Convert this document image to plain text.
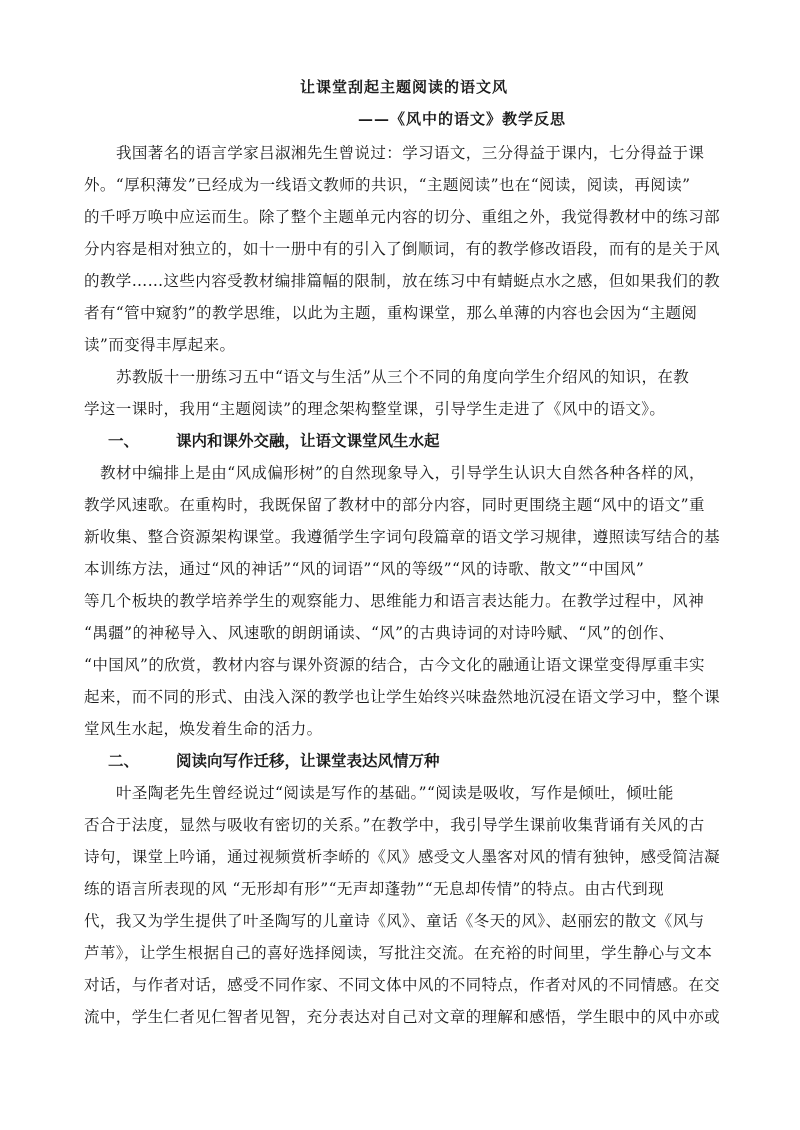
让课堂刮起主题阅读的语文风
——《风中的语文》教学反思
我国著名的语言学家吕淑湘先生曾说过：学习语文，三分得益于课内，七分得益于课
外。“厚积薄发”已经成为一线语文教师的共识，“主题阅读”也在“阅读，阅读，再阅读”
的千呼万唤中应运而生。除了整个主题单元内容的切分、重组之外，我觉得教材中的练习部
分内容是相对独立的，如十一册中有的引入了倒顺词，有的教学修改语段，而有的是关于风
的教学……这些内容受教材编排篇幅的限制，放在练习中有蜻蜓点水之感，但如果我们的教
者有“管中窥豹”的教学思维，以此为主题，重构课堂，那么单薄的内容也会因为“主题阅
读”而变得丰厚起来。
苏教版十一册练习五中“语文与生活”从三个不同的角度向学生介绍风的知识，在教
学这一课时，我用“主题阅读”的理念架构整堂课，引导学生走进了《风中的语文》。
一、 课内和课外交融，让语文课堂风生水起
教材中编排上是由“风成偏形树”的自然现象导入，引导学生认识大自然各种各样的风，
教学风速歌。在重构时，我既保留了教材中的部分内容，同时更围绕主题“风中的语文”重
新收集、整合资源架构课堂。我遵循学生字词句段篇章的语文学习规律，遵照读写结合的基
本训练方法，通过“风的神话”“风的词语”“风的等级”“风的诗歌、散文”“中国风”
等几个板块的教学培养学生的观察能力、思维能力和语言表达能力。在教学过程中，风神
“禺疆”的神秘导入、风速歌的朗朗诵读、“风”的古典诗词的对诗吟赋、“风”的创作、
“中国风”的欣赏，教材内容与课外资源的结合，古今文化的融通让语文课堂变得厚重丰实
起来，而不同的形式、由浅入深的教学也让学生始终兴味盎然地沉浸在语文学习中，整个课
堂风生水起，焕发着生命的活力。
二、 阅读向写作迁移，让课堂表达风情万种
叶圣陶老先生曾经说过“阅读是写作的基础。”“阅读是吸收，写作是倾吐，倾吐能
否合于法度，显然与吸收有密切的关系。”在教学中，我引导学生课前收集背诵有关风的古
诗句，课堂上吟诵，通过视频赏析李峤的《风》感受文人墨客对风的情有独钟，感受简洁凝
练的语言所表现的风 “无形却有形”“无声却蓬勃”“无息却传情”的特点。由古代到现
代，我又为学生提供了叶圣陶写的儿童诗《风》、童话《冬天的风》、赵丽宏的散文《风与
芦苇》，让学生根据自己的喜好选择阅读，写批注交流。在充裕的时间里，学生静心与文本
对话，与作者对话，感受不同作家、不同文体中风的不同特点，作者对风的不同情感。在交
流中，学生仁者见仁智者见智，充分表达对自己对文章的理解和感悟，学生眼中的风中亦或
